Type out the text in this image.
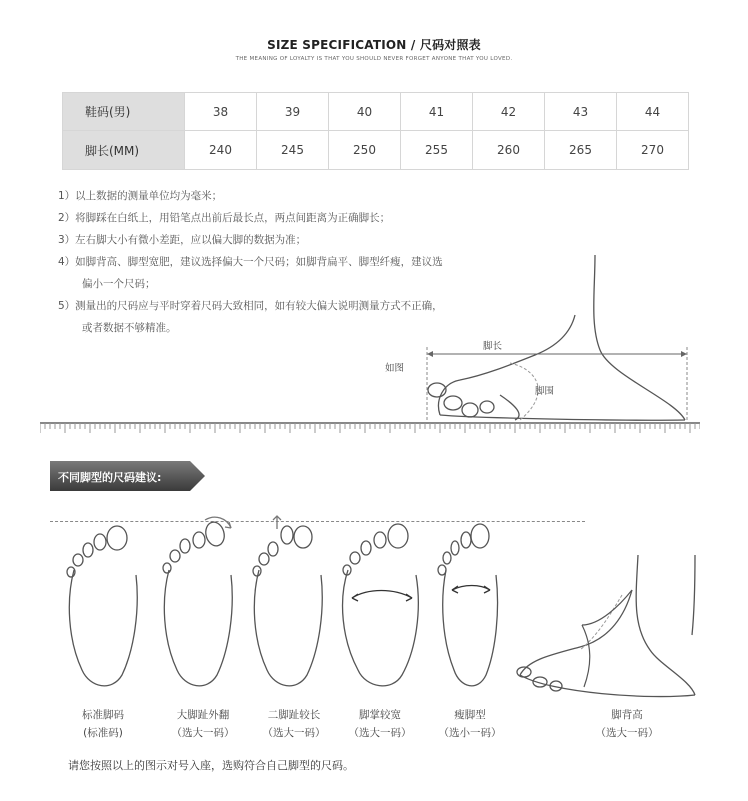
SIZE SPECIFICATION / 尺码对照表
THE MEANING OF LOYALTY IS THAT YOU SHOULD NEVER FORGET ANYONE THAT YOU LOVED.
鞋码(男)	38	39	40	41	42	43	44
脚长(MM)	240	245	250	255	260	265	270
1）以上数据的测量单位均为毫米；
2）将脚踩在白纸上，用铅笔点出前后最长点，两点间距离为正确脚长；
3）左右脚大小有微小差距，应以偏大脚的数据为准；
4）如脚背高、脚型宽肥，建议选择偏大一个尺码；如脚背扁平、脚型纤瘦，建议选
偏小一个尺码；
5）测量出的尺码应与平时穿着尺码大致相同，如有较大偏大说明测量方式不正确，
或者数据不够精准。
脚长
如图
脚围
不同脚型的尺码建议:
标准脚码
(标准码)
大脚趾外翻
（选大一码）
二脚趾较长
（选大一码）
脚掌较宽
（选大一码）
瘦脚型
（选小一码）
脚背高
（选大一码）
请您按照以上的图示对号入座，选购符合自己脚型的尺码。
